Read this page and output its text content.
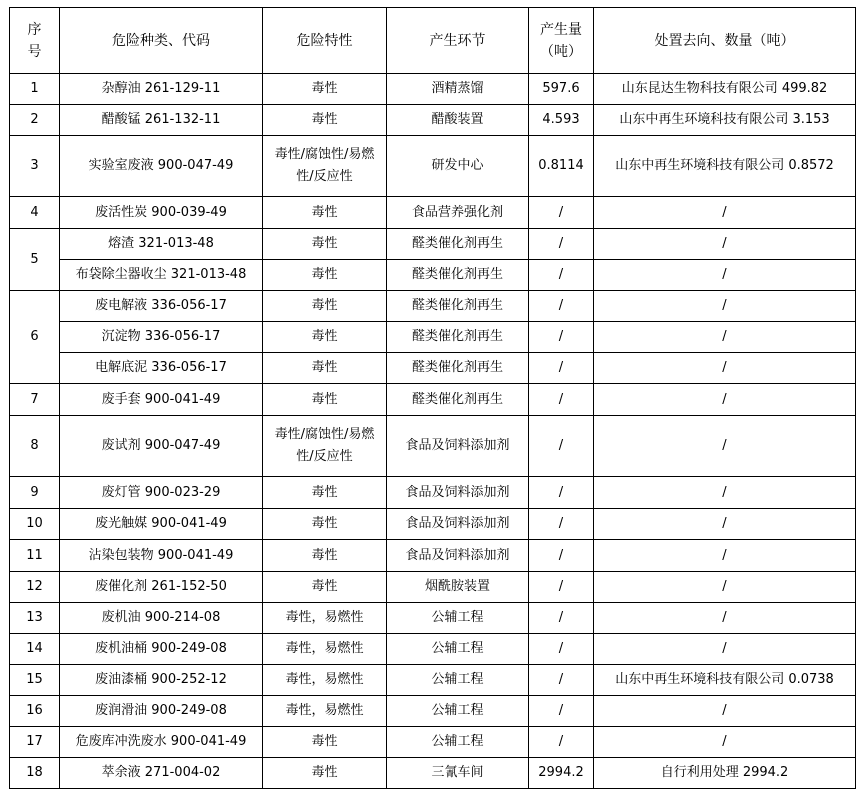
序号	危险种类、代码	危险特性	产生环节	产生量（吨）	处置去向、数量（吨）
1	杂醇油 261-129-11	毒性	酒精蒸馏	597.6	山东昆达生物科技有限公司 499.82
2	醋酸锰 261-132-11	毒性	醋酸装置	4.593	山东中再生环境科技有限公司 3.153
3	实验室废液 900-047-49	毒性/腐蚀性/易燃性/反应性	研发中心	0.8114	山东中再生环境科技有限公司 0.8572
4	废活性炭 900-039-49	毒性	食品营养强化剂	/	/
5	熔渣 321-013-48	毒性	醛类催化剂再生	/	/
	布袋除尘器收尘 321-013-48	毒性	醛类催化剂再生	/	/
6	废电解液 336-056-17	毒性	醛类催化剂再生	/	/
	沉淀物 336-056-17	毒性	醛类催化剂再生	/	/
	电解底泥 336-056-17	毒性	醛类催化剂再生	/	/
7	废手套 900-041-49	毒性	醛类催化剂再生	/	/
8	废试剂 900-047-49	毒性/腐蚀性/易燃性/反应性	食品及饲料添加剂	/	/
9	废灯管 900-023-29	毒性	食品及饲料添加剂	/	/
10	废光触媒 900-041-49	毒性	食品及饲料添加剂	/	/
11	沾染包装物 900-041-49	毒性	食品及饲料添加剂	/	/
12	废催化剂 261-152-50	毒性	烟酰胺装置	/	/
13	废机油 900-214-08	毒性，易燃性	公辅工程	/	/
14	废机油桶 900-249-08	毒性，易燃性	公辅工程	/	/
15	废油漆桶 900-252-12	毒性，易燃性	公辅工程	/	山东中再生环境科技有限公司 0.0738
16	废润滑油 900-249-08	毒性，易燃性	公辅工程	/	/
17	危废库冲洗废水 900-041-49	毒性	公辅工程	/	/
18	萃余液 271-004-02	毒性	三氰车间	2994.2	自行利用处理 2994.2
